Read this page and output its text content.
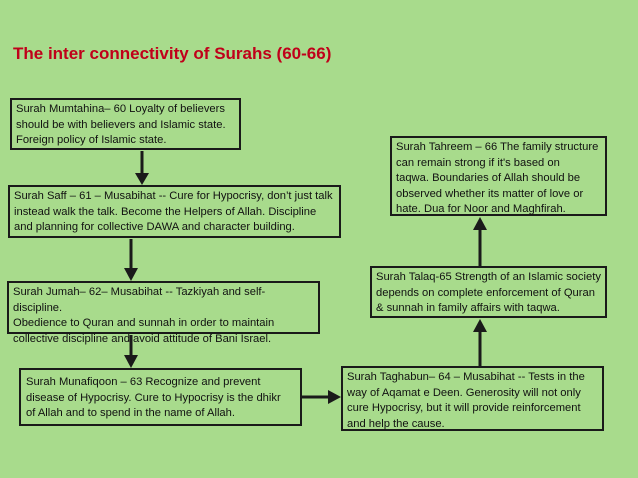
The inter connectivity of Surahs (60-66)
Surah Mumtahina– 60 Loyalty of believers
should be with believers and Islamic state.
Foreign policy of Islamic state.
Surah Saff – 61 – Musabihat -- Cure for Hypocrisy, don’t just talk
instead walk the talk. Become the Helpers of Allah. Discipline
and planning for collective DAWA and character building.
Surah Jumah– 62– Musabihat -- Tazkiyah and self-discipline.
Obedience to Quran and sunnah in order to maintain
collective discipline and avoid attitude of Bani Israel.
Surah Munafiqoon – 63 Recognize and prevent
disease of Hypocrisy. Cure to Hypocrisy is the dhikr
of Allah and to spend in the name of Allah.
Surah Taghabun– 64 – Musabihat -- Tests in the
way of Aqamat e Deen. Generosity will not only
cure Hypocrisy, but it will provide reinforcement
and help the cause.
Surah Talaq-65 Strength of an Islamic society
depends on complete enforcement of Quran
& sunnah in family affairs with taqwa.
Surah Tahreem – 66 The family structure
can remain strong if it's based on
taqwa. Boundaries of Allah should be
observed whether its matter of love or
hate. Dua for Noor and Maghfirah.
